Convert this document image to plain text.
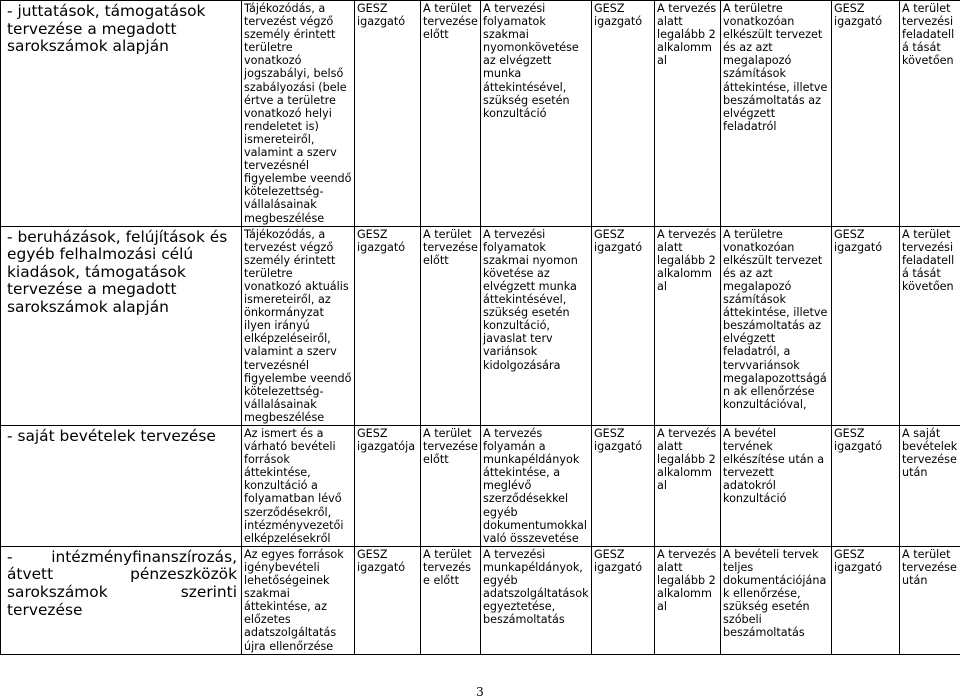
- juttatások, támogatások tervezése a megadott sarokszámok alapján	Tájékozódás, a tervezést végző személy érintett területre vonatkozó jogszabályi, belső szabályozási (bele értve a területre vonatkozó helyi rendeletet is) ismereteiről, valamint a szerv tervezésnél figyelembe veendő kötelezettség-vállalásainak megbeszélése	GESZ igazgató	A terület tervezése előtt	A tervezési folyamatok szakmai nyomonkövetése az elvégzett munka áttekintésével, szükség esetén konzultáció	GESZ igazgató	A tervezés alatt legalább 2 alkalomm al	A területre vonatkozóan elkészült tervezet és az azt megalapozó számítások áttekintése, illetve beszámoltatás az elvégzett feladatról	GESZ igazgató	A terület tervezési feladatellá tását követően
- beruházások, felújítások és egyéb felhalmozási célú kiadások, támogatások tervezése a megadott sarokszámok alapján	Tájékozódás, a tervezést végző személy érintett területre vonatkozó aktuális ismereteiről, az önkormányzat ilyen irányú elképzeléseiről, valamint a szerv tervezésnél figyelembe veendő kötelezettség-vállalásainak megbeszélése	GESZ igazgató	A terület tervezése előtt	A tervezési folyamatok szakmai nyomon követése az elvégzett munka áttekintésével, szükség esetén konzultáció, javaslat terv variánsok kidolgozására	GESZ igazgató	A tervezés alatt legalább 2 alkalomm al	A területre vonatkozóan elkészült tervezet és az azt megalapozó számítások áttekintése, illetve beszámoltatás az elvégzett feladatról, a tervvariánsok megalapozottságán ak ellenőrzése konzultációval,	GESZ igazgató	A terület tervezési feladatellá tását követően
- saját bevételek tervezése	Az ismert és a várható bevételi források áttekintése, konzultáció a folyamatban lévő szerződésekről, intézményvezetői elképzelésekről	GESZ igazgatója	A terület tervezése előtt	A tervezés folyamán a munkapéldányok áttekintése, a meglévő szerződésekkel egyéb dokumentumokkal való összevetése	GESZ igazgató	A tervezés alatt legalább 2 alkalomm al	A bevétel tervének elkészítése után a tervezett adatokról konzultáció	GESZ igazgató	A saját bevételek tervezése után
- intézményfinanszírozás, átvett pénzeszközök sarokszámok szerinti tervezése	Az egyes források igénybevételi lehetőségeinek szakmai áttekintése, az előzetes adatszolgáltatás újra ellenőrzése	GESZ igazgató	A terület tervezés e előtt	A tervezési munkapéldányok, egyéb adatszolgáltatások egyeztetése, beszámoltatás	GESZ igazgató	A tervezés alatt legalább 2 alkalomm al	A bevételi tervek teljes dokumentációjának ellenőrzése, szükség esetén szóbeli beszámoltatás	GESZ igazgató	A terület tervezése után
3
